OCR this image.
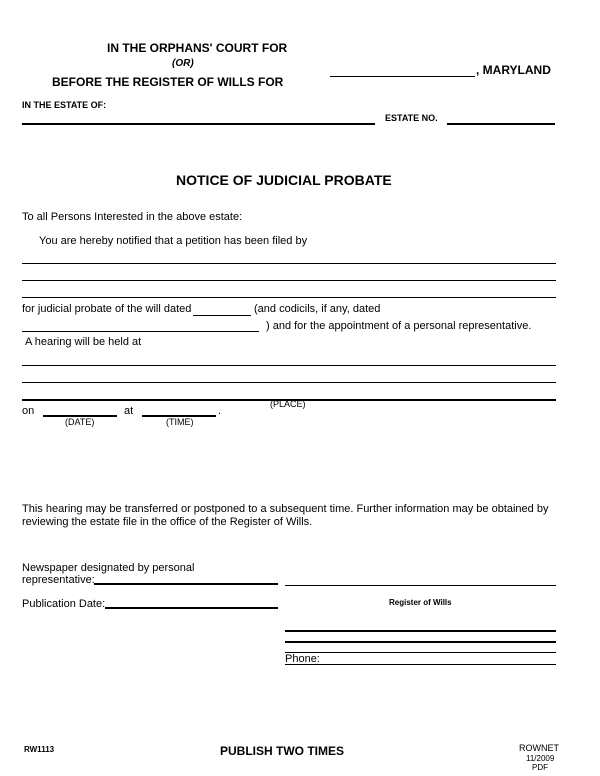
IN THE ORPHANS' COURT FOR
(OR)
BEFORE THE REGISTER OF WILLS FOR
, MARYLAND
IN THE ESTATE OF:
ESTATE NO.
NOTICE OF JUDICIAL PROBATE
To all Persons Interested in the above estate:
You are hereby notified that a petition has been filed by
for judicial probate of the will dated	(and codicils, if any, dated
) and for the appointment of a personal representative.
A hearing will be held at
(PLACE)
on	at	.
(DATE)	(TIME)
This hearing may be transferred or postponed to a subsequent time. Further information may be obtained by
reviewing the estate file in the office of the Register of Wills.
Newspaper designated by personal
representative:
Publication Date:	Register of Wills
Phone:
RW1113	PUBLISH TWO TIMES	ROWNET
11/2009
PDF
